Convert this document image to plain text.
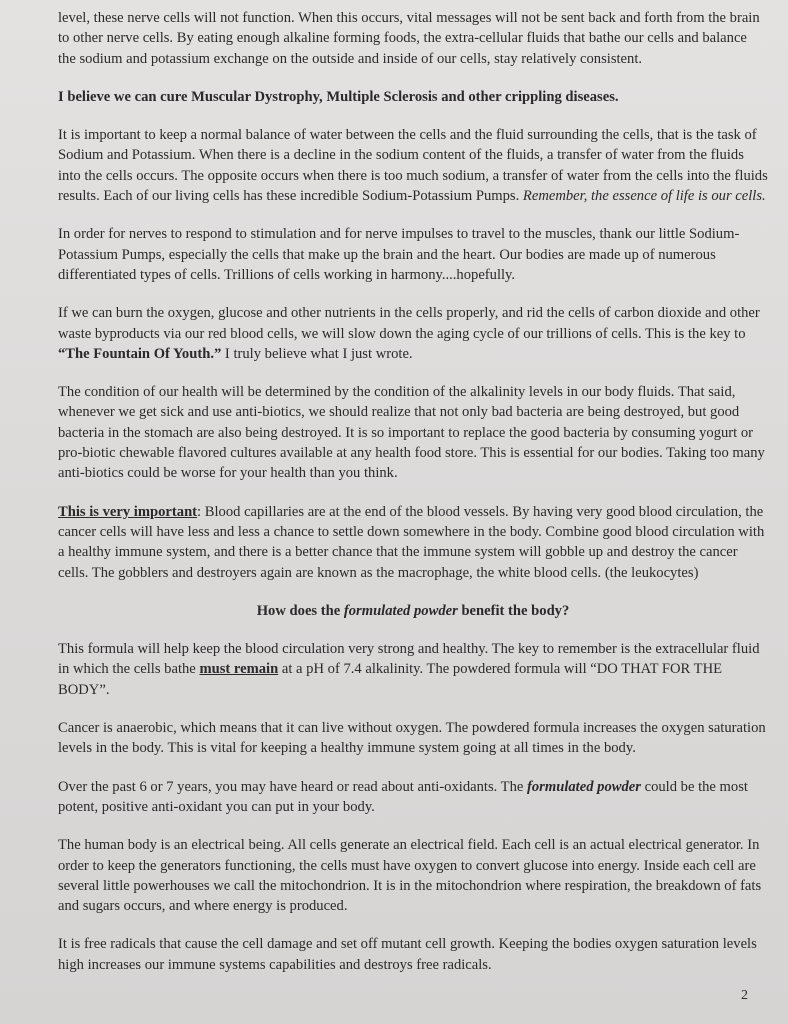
level, these nerve cells will not function. When this occurs, vital messages will not be sent back and forth from the brain to other nerve cells. By eating enough alkaline forming foods, the extra-cellular fluids that bathe our cells and balance the sodium and potassium exchange on the outside and inside of our cells, stay relatively consistent.

I believe we can cure Muscular Dystrophy, Multiple Sclerosis and other crippling diseases.

It is important to keep a normal balance of water between the cells and the fluid surrounding the cells, that is the task of Sodium and Potassium. When there is a decline in the sodium content of the fluids, a transfer of water from the fluids into the cells occurs. The opposite occurs when there is too much sodium, a transfer of water from the cells into the fluids results. Each of our living cells has these incredible Sodium-Potassium Pumps. Remember, the essence of life is our cells.

In order for nerves to respond to stimulation and for nerve impulses to travel to the muscles, thank our little Sodium-Potassium Pumps, especially the cells that make up the brain and the heart. Our bodies are made up of numerous differentiated types of cells. Trillions of cells working in harmony....hopefully.

If we can burn the oxygen, glucose and other nutrients in the cells properly, and rid the cells of carbon dioxide and other waste byproducts via our red blood cells, we will slow down the aging cycle of our trillions of cells. This is the key to “The Fountain Of Youth.” I truly believe what I just wrote.

The condition of our health will be determined by the condition of the alkalinity levels in our body fluids. That said, whenever we get sick and use anti-biotics, we should realize that not only bad bacteria are being destroyed, but good bacteria in the stomach are also being destroyed. It is so important to replace the good bacteria by consuming yogurt or pro-biotic chewable flavored cultures available at any health food store. This is essential for our bodies. Taking too many anti-biotics could be worse for your health than you think.

This is very important: Blood capillaries are at the end of the blood vessels. By having very good blood circulation, the cancer cells will have less and less a chance to settle down somewhere in the body. Combine good blood circulation with a healthy immune system, and there is a better chance that the immune system will gobble up and destroy the cancer cells. The gobblers and destroyers again are known as the macrophage, the white blood cells. (the leukocytes)

How does the formulated powder benefit the body?

This formula will help keep the blood circulation very strong and healthy. The key to remember is the extracellular fluid in which the cells bathe must remain at a pH of 7.4 alkalinity. The powdered formula will “DO THAT FOR THE BODY”.

Cancer is anaerobic, which means that it can live without oxygen. The powdered formula increases the oxygen saturation levels in the body. This is vital for keeping a healthy immune system going at all times in the body.

Over the past 6 or 7 years, you may have heard or read about anti-oxidants. The formulated powder could be the most potent, positive anti-oxidant you can put in your body.

The human body is an electrical being. All cells generate an electrical field. Each cell is an actual electrical generator. In order to keep the generators functioning, the cells must have oxygen to convert glucose into energy. Inside each cell are several little powerhouses we call the mitochondrion. It is in the mitochondrion where respiration, the breakdown of fats and sugars occurs, and where energy is produced.

It is free radicals that cause the cell damage and set off mutant cell growth. Keeping the bodies oxygen saturation levels high increases our immune systems capabilities and destroys free radicals.

2
